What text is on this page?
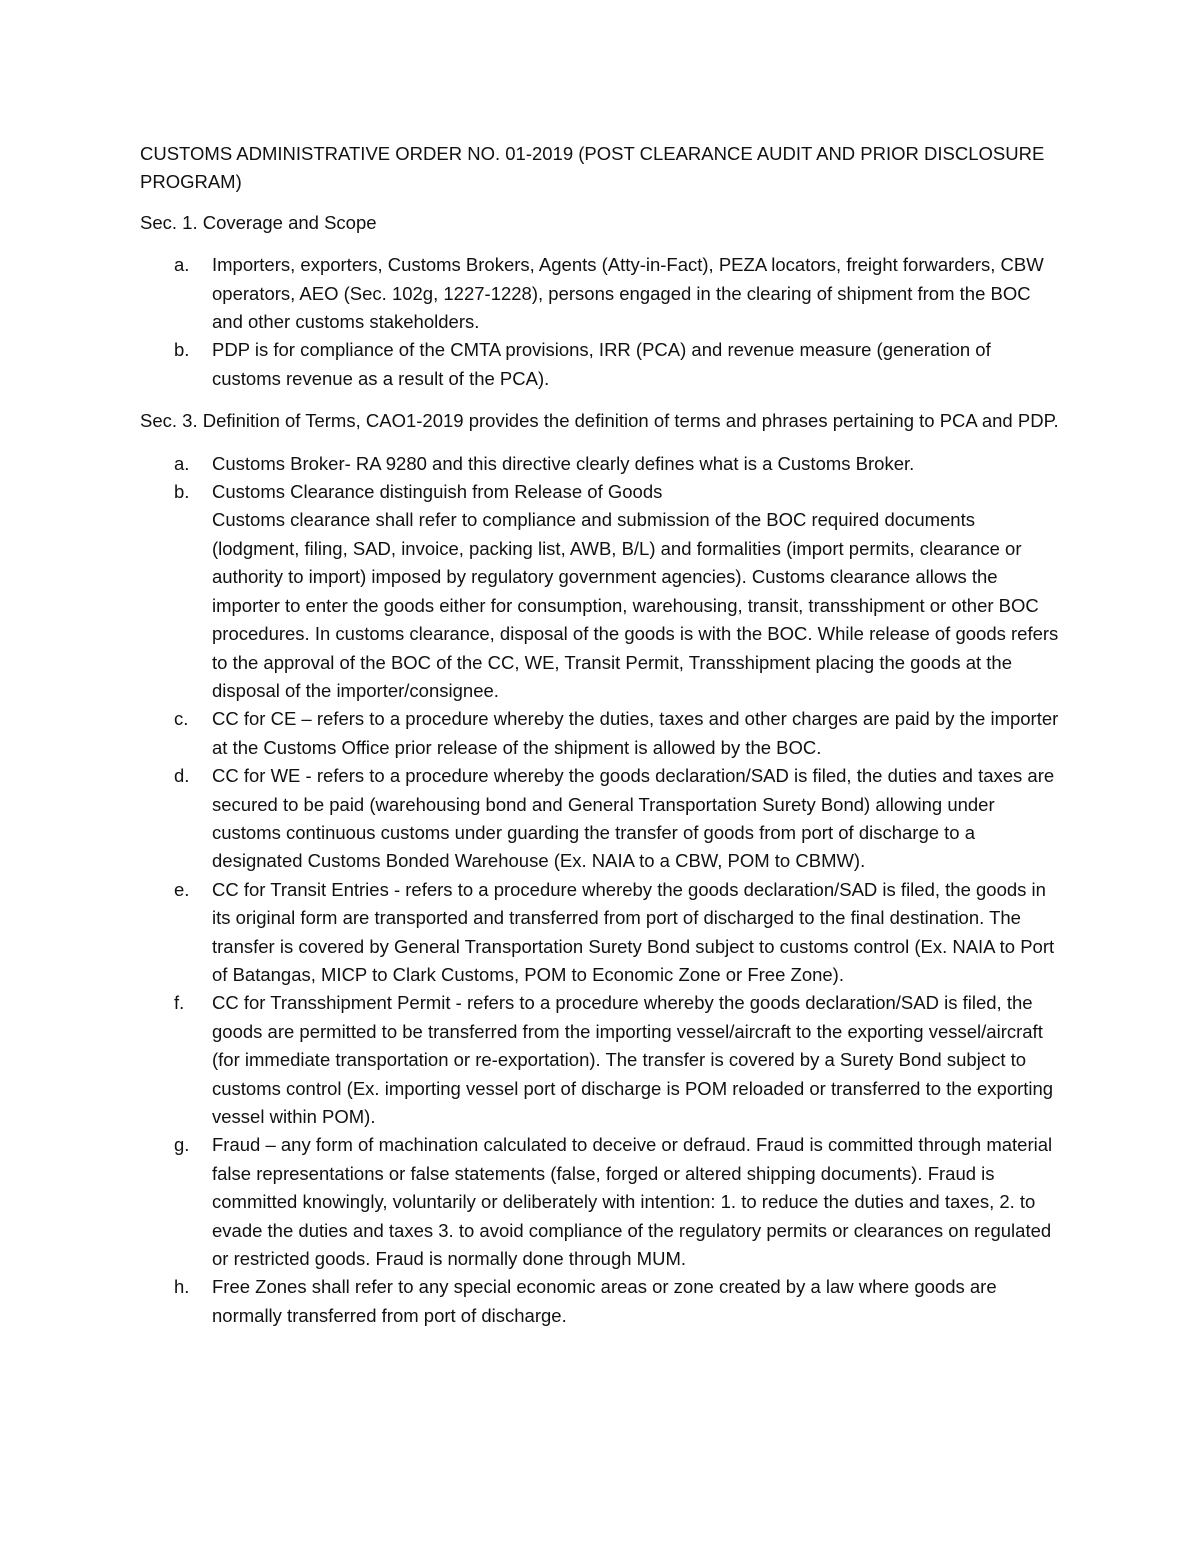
CUSTOMS ADMINISTRATIVE ORDER NO. 01-2019 (POST CLEARANCE AUDIT AND PRIOR DISCLOSURE PROGRAM)

Sec. 1. Coverage and Scope

a. Importers, exporters, Customs Brokers, Agents (Atty-in-Fact), PEZA locators, freight forwarders, CBW operators, AEO (Sec. 102g, 1227-1228), persons engaged in the clearing of shipment from the BOC and other customs stakeholders.
b. PDP is for compliance of the CMTA provisions, IRR (PCA) and revenue measure (generation of customs revenue as a result of the PCA).

Sec. 3. Definition of Terms, CAO1-2019 provides the definition of terms and phrases pertaining to PCA and PDP.

a. Customs Broker- RA 9280 and this directive clearly defines what is a Customs Broker.
b. Customs Clearance distinguish from Release of Goods
Customs clearance shall refer to compliance and submission of the BOC required documents (lodgment, filing, SAD, invoice, packing list, AWB, B/L) and formalities (import permits, clearance or authority to import) imposed by regulatory government agencies). Customs clearance allows the importer to enter the goods either for consumption, warehousing, transit, transshipment or other BOC procedures. In customs clearance, disposal of the goods is with the BOC. While release of goods refers to the approval of the BOC of the CC, WE, Transit Permit, Transshipment placing the goods at the disposal of the importer/consignee.
c. CC for CE – refers to a procedure whereby the duties, taxes and other charges are paid by the importer at the Customs Office prior release of the shipment is allowed by the BOC.
d. CC for WE - refers to a procedure whereby the goods declaration/SAD is filed, the duties and taxes are secured to be paid (warehousing bond and General Transportation Surety Bond) allowing under customs continuous customs under guarding the transfer of goods from port of discharge to a designated Customs Bonded Warehouse (Ex. NAIA to a CBW, POM to CBMW).
e. CC for Transit Entries - refers to a procedure whereby the goods declaration/SAD is filed, the goods in its original form are transported and transferred from port of discharged to the final destination. The transfer is covered by General Transportation Surety Bond subject to customs control (Ex. NAIA to Port of Batangas, MICP to Clark Customs, POM to Economic Zone or Free Zone).
f. CC for Transshipment Permit - refers to a procedure whereby the goods declaration/SAD is filed, the goods are permitted to be transferred from the importing vessel/aircraft to the exporting vessel/aircraft (for immediate transportation or re-exportation). The transfer is covered by a Surety Bond subject to customs control (Ex. importing vessel port of discharge is POM reloaded or transferred to the exporting vessel within POM).
g. Fraud – any form of machination calculated to deceive or defraud. Fraud is committed through material false representations or false statements (false, forged or altered shipping documents). Fraud is committed knowingly, voluntarily or deliberately with intention: 1. to reduce the duties and taxes, 2. to evade the duties and taxes 3. to avoid compliance of the regulatory permits or clearances on regulated or restricted goods. Fraud is normally done through MUM.
h. Free Zones shall refer to any special economic areas or zone created by a law where goods are normally transferred from port of discharge.
